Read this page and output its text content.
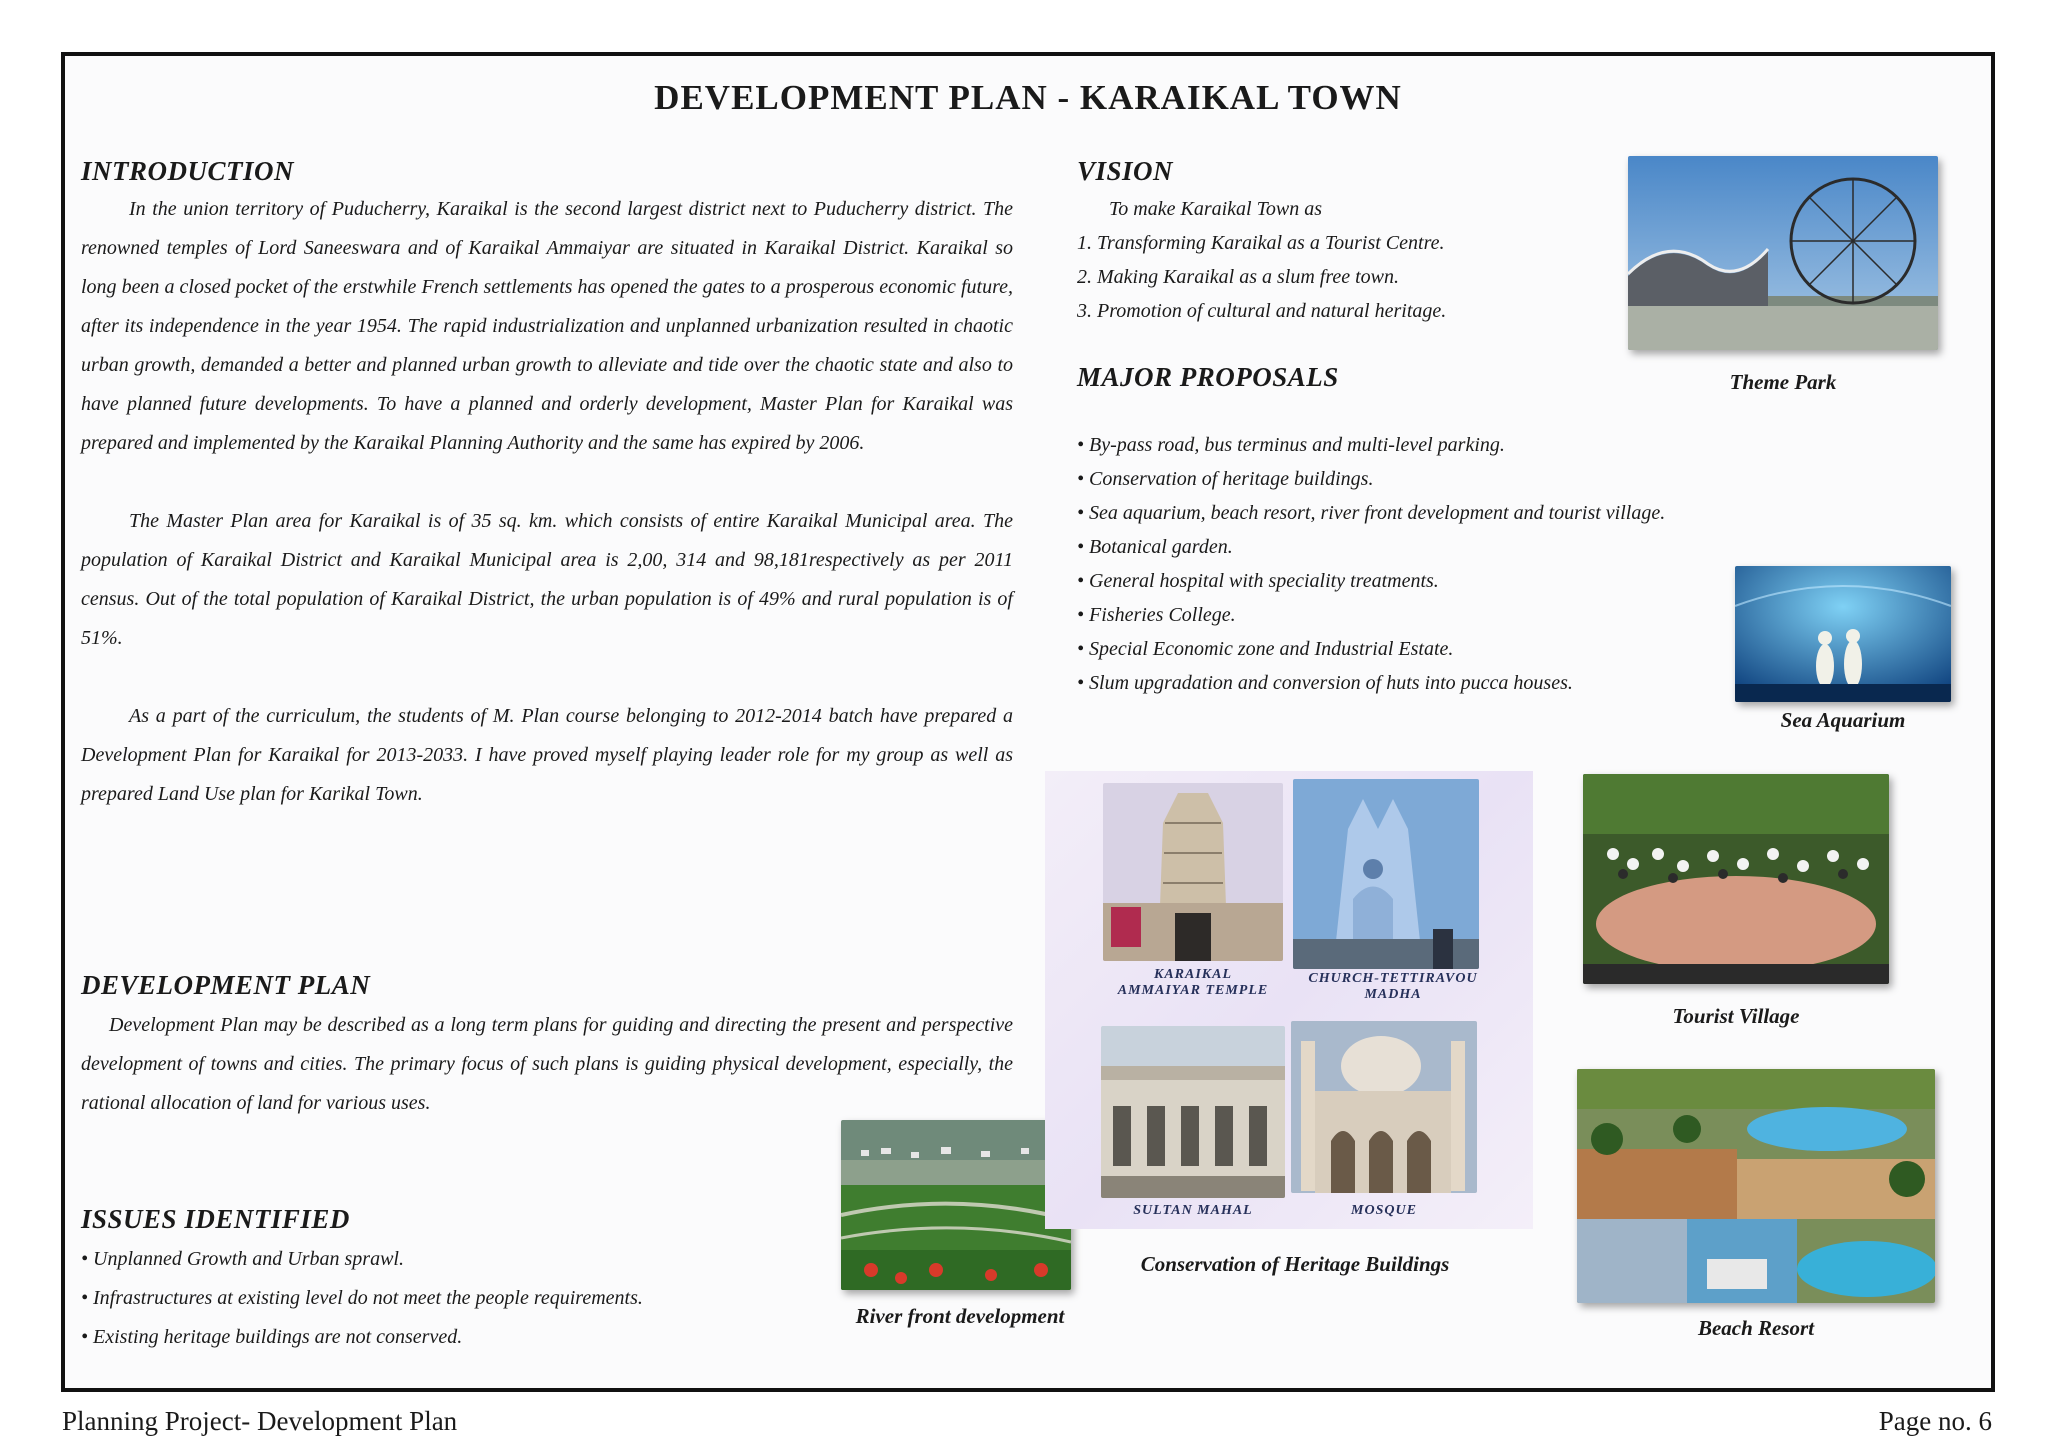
DEVELOPMENT PLAN - KARAIKAL TOWN
INTRODUCTION

In the union territory of Puducherry, Karaikal is the second largest district next to Puducherry district. The renowned temples of Lord Saneeswara and of Karaikal Ammaiyar are situated in Karaikal District. Karaikal so long been a closed pocket of the erstwhile French settlements has opened the gates to a prosperous economic future, after its independence in the year 1954. The rapid industrialization and unplanned urbanization resulted in chaotic urban growth, demanded a better and planned urban growth to alleviate and tide over the chaotic state and also to have planned future developments. To have a planned and orderly development, Master Plan for Karaikal was prepared and implemented by the Karaikal Planning Authority and the same has expired by 2006.

The Master Plan area for Karaikal is of 35 sq. km. which consists of entire Karaikal Municipal area. The population of Karaikal District and Karaikal Municipal area is 2,00, 314 and 98,181respectively as per 2011 census. Out of the total population of Karaikal District, the urban population is of 49% and rural population is of 51%.

As a part of the curriculum, the students of M. Plan course belonging to 2012-2014 batch have prepared a Development Plan for Karaikal for 2013-2033. I have proved myself playing leader role for my group as well as prepared Land Use plan for Karikal Town.

DEVELOPMENT PLAN

Development Plan may be described as a long term plans for guiding and directing the present and perspective development of towns and cities. The primary focus of such plans is guiding physical development, especially, the rational allocation of land for various uses.

ISSUES IDENTIFIED
• Unplanned Growth and Urban sprawl.
• Infrastructures at existing level do not meet the people requirements.
• Existing heritage buildings are not conserved.
River front development
VISION
To make Karaikal Town as
1. Transforming Karaikal as a Tourist Centre.
2. Making Karaikal as a slum free town.
3. Promotion of cultural and natural heritage.
MAJOR PROPOSALS
• By-pass road, bus terminus and multi-level parking.
• Conservation of heritage buildings.
• Sea aquarium, beach resort, river front development and tourist village.
• Botanical garden.
• General hospital with speciality treatments.
• Fisheries College.
• Special Economic zone and Industrial Estate.
• Slum upgradation and conversion of huts into pucca houses.
Theme Park
Sea Aquarium
KARAIKAL
AMMAIYAR TEMPLE
CHURCH-TETTIRAVOU
MADHA
SULTAN MAHAL	MOSQUE
Conservation of Heritage Buildings
Tourist Village
Beach Resort
Planning Project- Development Plan	Page no. 6
